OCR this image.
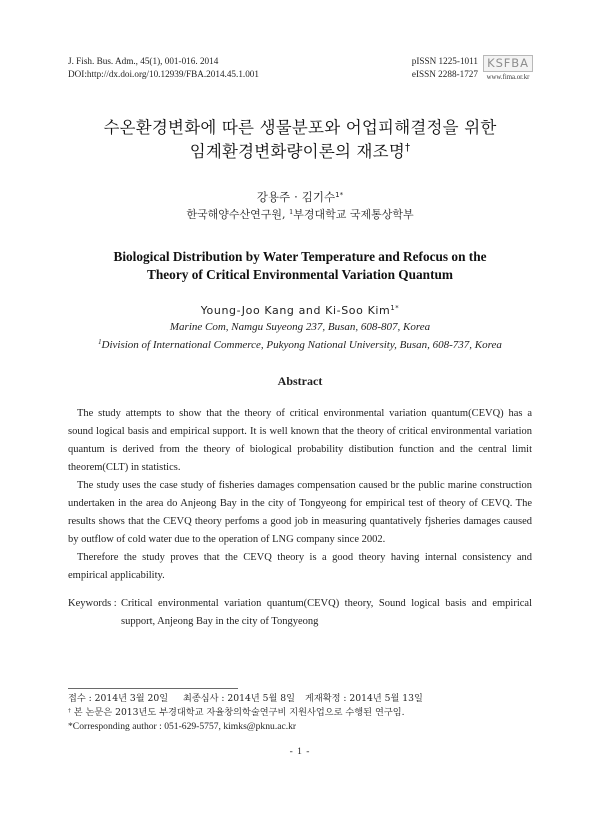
J. Fish. Bus. Adm., 45(1), 001-016. 2014
DOI:http://dx.doi.org/10.12939/FBA.2014.45.1.001
pISSN 1225-1011
eISSN 2288-1727
KSFBA
www.fima.or.kr
수온환경변화에 따른 생물분포와 어업피해결정을 위한
임계환경변화량이론의 재조명†
강용주 · 김기수$^{1*}$
한국해양수산연구원, $^1$부경대학교 국제통상학부
Biological Distribution by Water Temperature and Refocus on the
Theory of Critical Environmental Variation Quantum
Young-Joo Kang and Ki-Soo Kim$^{1*}$
Marine Com, Namgu Suyeong 237, Busan, 608-807, Korea
$^1$Division of International Commerce, Pukyong National University, Busan, 608-737, Korea
Abstract
The study attempts to show that the theory of critical environmental variation quantum(CEVQ) has a
sound logical basis and empirical support. It is well known that the theory of critical environmental variation
quantum is derived from the theory of biological probability distibution function and the central limit
theorem(CLT) in statistics.
The study uses the case study of fisheries damages compensation caused br the public marine construction
undertaken in the area do Anjeong Bay in the city of Tongyeong for empirical test of theory of CEVQ. The
results shows that the CEVQ theory perfoms a good job in measuring quantatively fjsheries damages caused
by outflow of cold water due to the operation of LNG company since 2002.
Therefore the study proves that the CEVQ theory is a good theory having internal consistency and
empirical applicability.
Keywords : Critical environmental variation quantum(CEVQ) theory, Sound logical basis and empirical
support, Anjeong Bay in the city of Tongyeong
접수 : 2014년 3월 20일 최종심사 : 2014년 5월 8일 게재확정 : 2014년 5월 13일
† 본 논문은 2013년도 부경대학교 자율창의학술연구비 지원사업으로 수행된 연구임.
*Corresponding author : 051-629-5757, kimks@pknu.ac.kr
- 1 -
